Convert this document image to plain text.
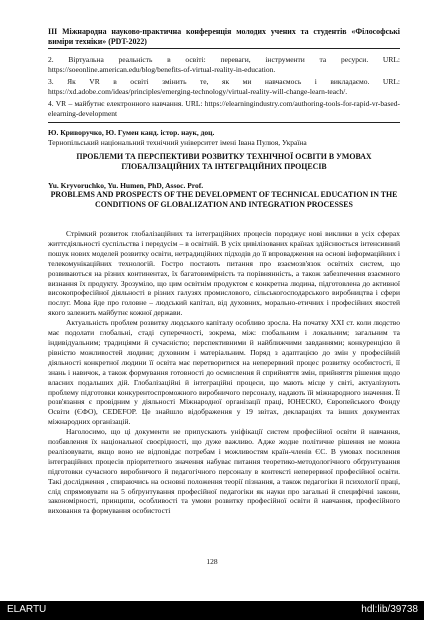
ІІІ Міжнародна науково-практична конференція молодих учених та студентів «Філософські виміри техніки» (PDT-2022)

2. Віртуальна реальність в освіті: переваги, інструменти та ресурси. URL: https://soeonline.american.edu/blog/benefits-of-virtual-reality-in-education.

3. Як VR в освіті змінить те, як ми навчаємось і викладаємо. URL: https://xd.adobe.com/ideas/principles/emerging-technology/virtual-reality-will-change-learn-teach/.

4. VR – майбутнє електронного навчання. URL: https://elearningindustry.com/authoring-tools-for-rapid-vr-based-elearning-development

Ю. Криворучко, Ю. Гумен канд. істор. наук, доц.
Тернопільський національний технічний університет імені Івана Пулюя, Україна
ПРОБЛЕМИ ТА ПЕРСПЕКТИВИ РОЗВИТКУ ТЕХНІЧНОЇ ОСВІТИ В УМОВАХ ГЛОБАЛІЗАЦІЙНИХ ТА ІНТЕГРАЦІЙНИХ ПРОЦЕСІВ
Yu. Kryvoruchko, Yu. Humen, PhD, Assoc. Prof.
PROBLEMS AND PROSPECTS OF THE DEVELOPMENT OF TECHNICAL EDUCATION IN THE CONDITIONS OF GLOBALIZATION AND INTEGRATION PROCESSES

Стрімкий розвиток глобалізаційних та інтеграційних процесів породжує нові виклики в усіх сферах життєдіяльності суспільства і передусім – в освітній. В усіх цивілізованих країнах здійснюється інтенсивний пошук нових моделей розвитку освіти, нетрадиційних підходів до її впровадження на основі інформаційних і телекомунікаційних технологій. Гостро постають питання про взаємозв'язок освітніх систем, що розвиваються на різних континентах, їх багатовимірність та порівнянність, а також забезпечення взаємного визнання їх продукту. Зрозуміло, що цим освітнім продуктом є конкретна людина, підготовлена до активної високопрофесійної діяльності в різних галузях промислового, сільськогосподарського виробництва і сфери послуг. Мова йде про головне – людський капітал, від духовних, морально-етичних і професійних якостей якого залежить майбутнє кожної держави.

Актуальність проблем розвитку людського капіталу особливо зросла. На початку XXI ст. коли людство має подолати глобальні, стаді суперечності, зокрема, між: глобальним і локальним; загальним та індивідуальним; традиціями й сучасністю; перспективними й найближчими завданнями; конкуренцією й рівністю можливостей людини; духовним і матеріальним. Поряд з адаптацією до змін у професійній діяльності конкретної людини її освіта має перетворитися на неперервний процес розвитку особистості, її знань і навичок, а також формування готовності до осмислення й сприйняття змін, прийняття рішення щодо власних подальших дій. Глобалізаційні й інтеграційні процеси, що мають місце у світі, актуалізують проблему підготовки конкурентоспроможного виробничого персоналу, надають їй міжнародного значення. Її розв'язання є провідним у діяльності Міжнародної організації праці, ЮНЕСКО, Європейського Фонду Освіти (ЄФО), CEDEFOP. Це знайшло відображення у 19 звітах, деклараціях та інших документах міжнародних організацій.

Наголосимо, що ці документи не припускають уніфікації систем професійної освіти й навчання, позбавлення їх національної своєрідності, що дуже важливо. Адже жодне політичне рішення не можна реалізовувати, якщо воно не відповідає потребам і можливостям країн-членів ЄС. В умовах посилення інтеграційних процесів пріоритетного значення набуває питання теоретико-методологічного обґрунтування підготовки сучасного виробничого й педагогічного персоналу в контексті неперервної професійної освіти. Такі дослідження , спираючись на основні положення теорії пізнання, а також педагогіки й психології праці, слід спрямовувати на 5 обґрунтування професійної педагогіки як науки про загальні й специфічні закони, закономірності, принципи, особливості та умови розвитку професійної освіти й навчання, професійного виховання та формування особистості

128
ELARTU	hdl:lib/39738
